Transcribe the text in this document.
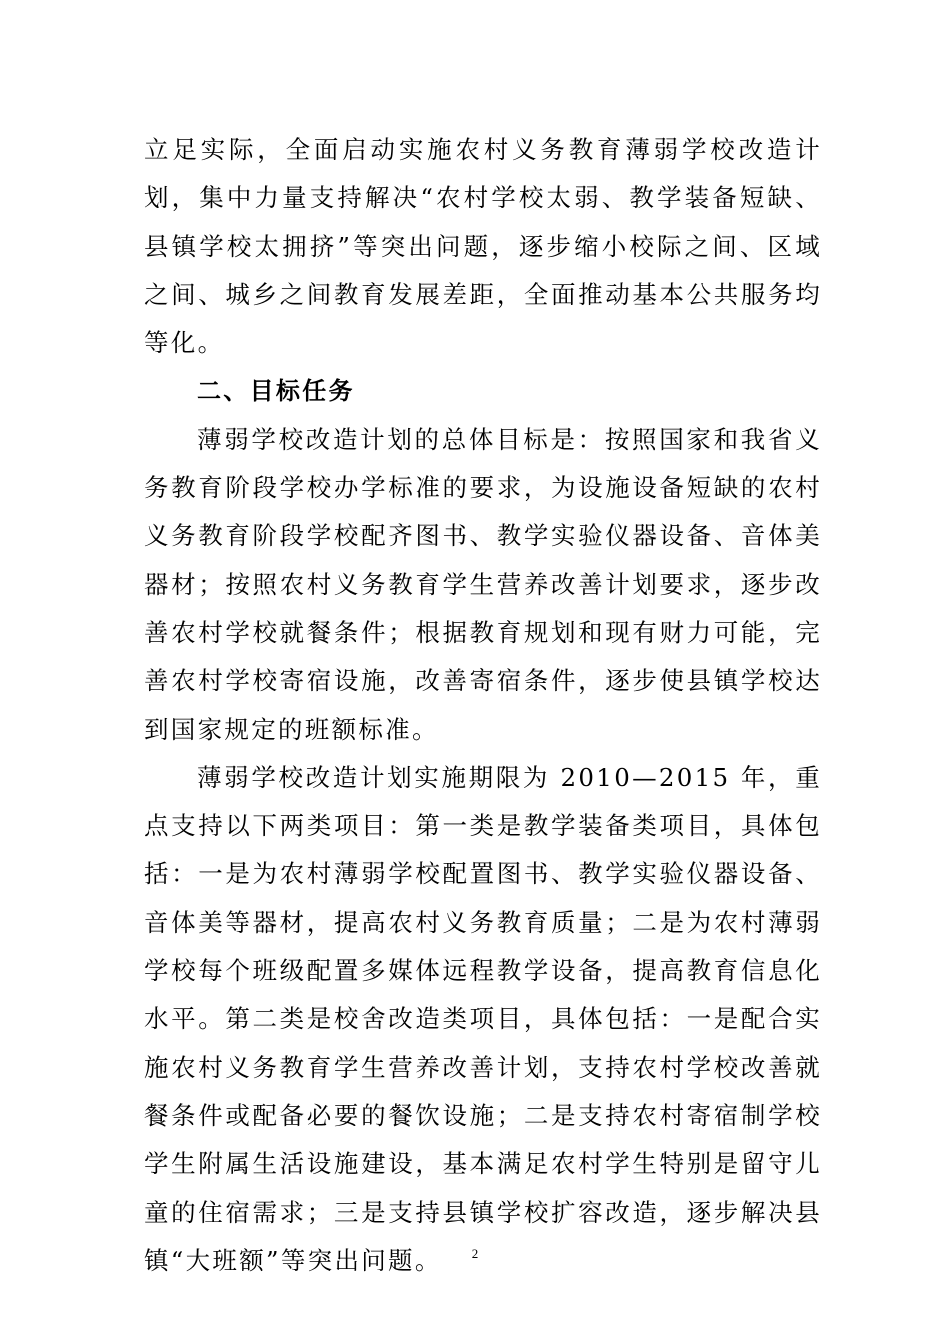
立足实际，全面启动实施农村义务教育薄弱学校改造计划，集中力量支持解决“农村学校太弱、教学装备短缺、县镇学校太拥挤”等突出问题，逐步缩小校际之间、区域之间、城乡之间教育发展差距，全面推动基本公共服务均等化。

二、目标任务

薄弱学校改造计划的总体目标是：按照国家和我省义务教育阶段学校办学标准的要求，为设施设备短缺的农村义务教育阶段学校配齐图书、教学实验仪器设备、音体美器材；按照农村义务教育学生营养改善计划要求，逐步改善农村学校就餐条件；根据教育规划和现有财力可能，完善农村学校寄宿设施，改善寄宿条件，逐步使县镇学校达到国家规定的班额标准。

薄弱学校改造计划实施期限为 2010—2015 年，重点支持以下两类项目：第一类是教学装备类项目，具体包括：一是为农村薄弱学校配置图书、教学实验仪器设备、音体美等器材，提高农村义务教育质量；二是为农村薄弱学校每个班级配置多媒体远程教学设备，提高教育信息化水平。第二类是校舍改造类项目，具体包括：一是配合实施农村义务教育学生营养改善计划，支持农村学校改善就餐条件或配备必要的餐饮设施；二是支持农村寄宿制学校学生附属生活设施建设，基本满足农村学生特别是留守儿童的住宿需求；三是支持县镇学校扩容改造，逐步解决县镇“大班额”等突出问题。	2
